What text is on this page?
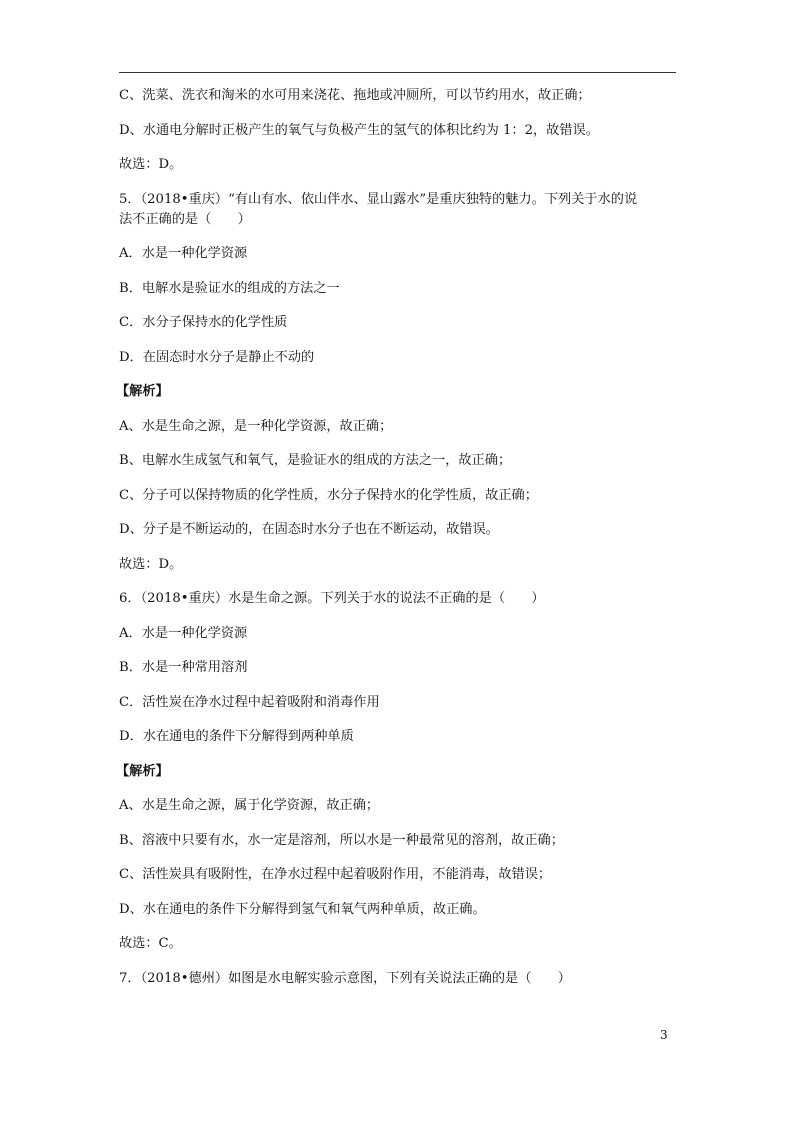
C、洗菜、洗衣和淘米的水可用来浇花、拖地或冲厕所，可以节约用水，故正确；
D、水通电分解时正极产生的氧气与负极产生的氢气的体积比约为 1：2，故错误。
故选：D。
5．（2018•重庆）“有山有水、依山伴水、显山露水”是重庆独特的魅力。下列关于水的说
法不正确的是（　　）
A．水是一种化学资源
B．电解水是验证水的组成的方法之一
C．水分子保持水的化学性质
D．在固态时水分子是静止不动的
【解析】
A、水是生命之源，是一种化学资源，故正确；
B、电解水生成氢气和氧气，是验证水的组成的方法之一，故正确；
C、分子可以保持物质的化学性质，水分子保持水的化学性质，故正确；
D、分子是不断运动的，在固态时水分子也在不断运动，故错误。
故选：D。
6．（2018•重庆）水是生命之源。下列关于水的说法不正确的是（　　）
A．水是一种化学资源
B．水是一种常用溶剂
C．活性炭在净水过程中起着吸附和消毒作用
D．水在通电的条件下分解得到两种单质
【解析】
A、水是生命之源，属于化学资源，故正确；
B、溶液中只要有水，水一定是溶剂，所以水是一种最常见的溶剂，故正确；
C、活性炭具有吸附性，在净水过程中起着吸附作用，不能消毒，故错误；
D、水在通电的条件下分解得到氢气和氧气两种单质，故正确。
故选：C。
7．（2018•德州）如图是水电解实验示意图，下列有关说法正确的是（　　）
3
